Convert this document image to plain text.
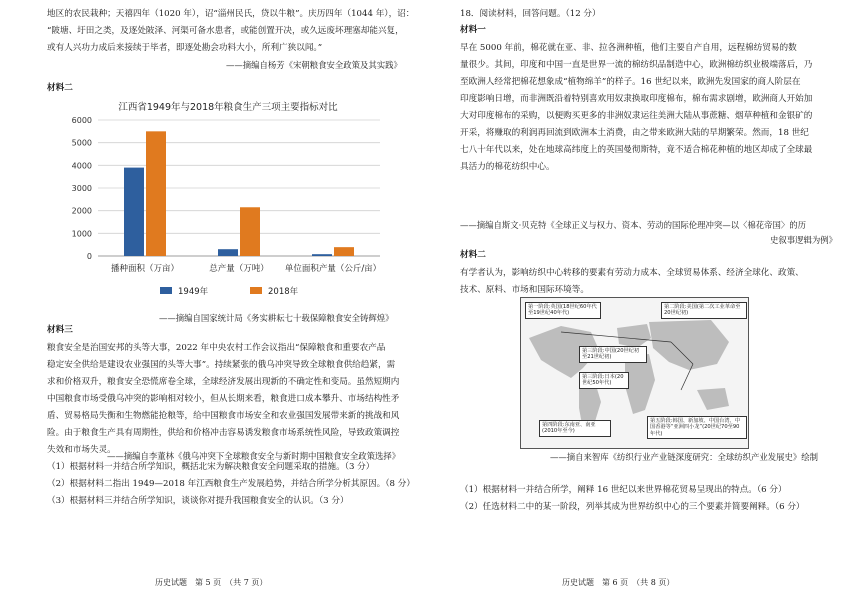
地区的农民栽种；天禧四年（1020 年），诏“淄州民氏，贷以牛粮”。庆历四年（1044 年），诏：

“陂塘、圩田之类，及逐处陂泽、河渠可备水患者，或能创置开决，或久远废坏理塞却能兴复，

或有人兴功力成后来接续于毕者，即逐处勘会功料大小，所利广狭以闻。”

——摘编自杨芳《宋朝粮食安全政策及其实践》
材料二
江西省1949年与2018年粮食生产三项主要指标对比
0
1000
2000
3000
4000
5000
6000
播种面积（万亩）	总产量（万吨） 单位面积产量（公斤/亩）
1949年	2018年
——摘编自国家统计局《务实耕耘七十载保障粮食安全铸辉煌》
材料三

粮食安全是治国安邦的头等大事，2022 年中央农村工作会议指出“保障粮食和重要农产品

稳定安全供给是建设农业强国的头等大事”。持续紧张的俄乌冲突导致全球粮食供给趋紧，需

求和价格双升，粮食安全恐慌席卷全球，全球经济发展出现新的不确定性和变局。虽然短期内

中国粮食市场受俄乌冲突的影响相对较小，但从长期来看，粮食进口成本攀升、市场结构性矛

盾、贸易格局失衡和生物燃能抢粮等，给中国粮食市场安全和农业强国发展带来新的挑战和风

险。由于粮食生产具有周期性，供给和价格冲击容易诱发粮食市场系统性风险，导致政策调控

失效和市场失灵。

——摘编自李董林《俄乌冲突下全球粮食安全与新时期中国粮食安全政策选择》

（1）根据材料一并结合所学知识，概括北宋为解决粮食安全问题采取的措施。（3 分）

（2）根据材料二指出 1949—2018 年江西粮食生产发展趋势，并结合所学分析其原因。（8 分）

（3）根据材料三并结合所学知识，谈谈你对提升我国粮食安全的认识。（3 分）

历史试题　第 5 页　（共 7 页）
18．阅读材料，回答问题。（12 分）
材料一

早在 5000 年前，棉花就在亚、非、拉各洲种植，他们主要自产自用，远程棉纺贸易的数

量很少。其间，印度和中国一直是世界一流的棉纺织品制造中心，欧洲棉纺织业极端落后，乃

至欧洲人经常把棉花想象成“植物绵羊”的样子。16 世纪以来，欧洲先发国家的商人阶层在

印度影响日增，而非洲既沿着特别喜欢用奴隶换取印度棉布，棉布需求剧增，欧洲商人开始加

大对印度棉布的采购，以便购买更多的非洲奴隶运往美洲大陆从事蔗糖、烟草种植和金银矿的

开采，将赚取的利润再回流到欧洲本土消费，由之带来欧洲大陆的早期繁荣。然而，18 世纪

七八十年代以来，处在地球高纬度上的英国曼彻斯特，竟不适合棉花种植的地区却成了全球最

具活力的棉花纺织中心。

——摘编自斯文·贝克特《全球正义与权力、资本、劳动的国际伦理冲突—以〈棉花帝国〉的历
史叙事逻辑为例》
材料二

有学者认为，影响纺织中心转移的要素有劳动力成本、全球贸易体系、经济全球化、政策、

技术、原料、市场和国际环境等。

第一阶段:英国(18世纪60年代至19世纪40年代)
第二阶段:美国(第二次工业革命至20世纪初)
第三阶段:中国(20世纪初至21世纪初)
第三阶段:日本(20世纪50年代)
第四阶段:东南亚、南亚(2010年至今)
第五阶段:韩国、新加坡、中国台湾、中国香港等“亚洲四小龙”(20世纪70至90年代)
——摘自来智库《纺织行业产业链深度研究：全球纺织产业发展史》绘制

（1）根据材料一并结合所学，阐释 16 世纪以来世界棉花贸易呈现出的特点。（6 分）

（2）任选材料二中的某一阶段，列举其成为世界纺织中心的三个要素并简要阐释。（6 分）

历史试题　第 6 页　（共 8 页）
